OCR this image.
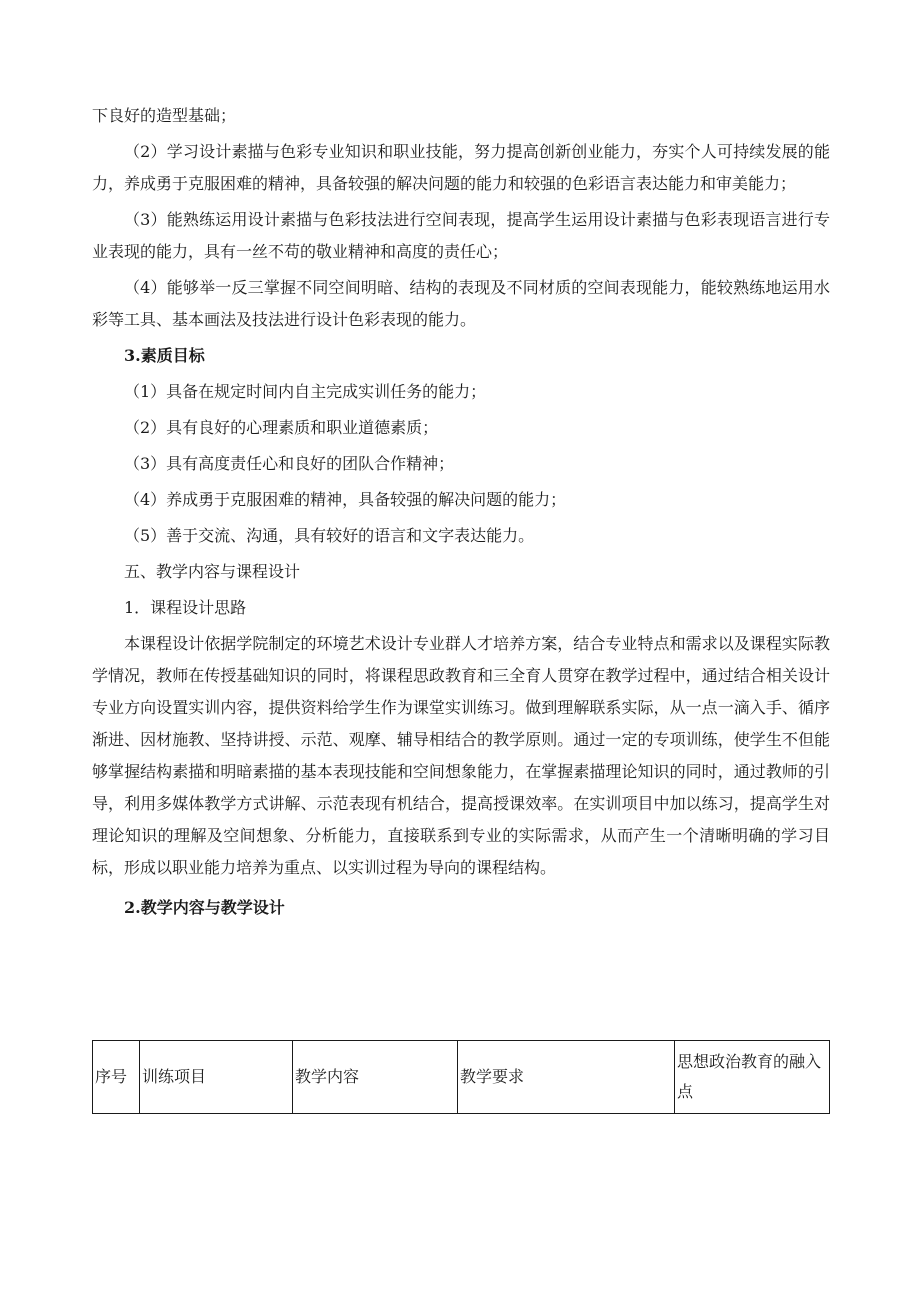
下良好的造型基础；

（2）学习设计素描与色彩专业知识和职业技能，努力提高创新创业能力，夯实个人可持续发展的能力，养成勇于克服困难的精神，具备较强的解决问题的能力和较强的色彩语言表达能力和审美能力；

（3）能熟练运用设计素描与色彩技法进行空间表现，提高学生运用设计素描与色彩表现语言进行专业表现的能力，具有一丝不苟的敬业精神和高度的责任心；

（4）能够举一反三掌握不同空间明暗、结构的表现及不同材质的空间表现能力，能较熟练地运用水彩等工具、基本画法及技法进行设计色彩表现的能力。

3.素质目标

（1）具备在规定时间内自主完成实训任务的能力；

（2）具有良好的心理素质和职业道德素质；

（3）具有高度责任心和良好的团队合作精神；

（4）养成勇于克服困难的精神，具备较强的解决问题的能力；

（5）善于交流、沟通，具有较好的语言和文字表达能力。

五、教学内容与课程设计

1．课程设计思路

本课程设计依据学院制定的环境艺术设计专业群人才培养方案，结合专业特点和需求以及课程实际教学情况，教师在传授基础知识的同时，将课程思政教育和三全育人贯穿在教学过程中，通过结合相关设计专业方向设置实训内容，提供资料给学生作为课堂实训练习。做到理解联系实际，从一点一滴入手、循序渐进、因材施教、坚持讲授、示范、观摩、辅导相结合的教学原则。通过一定的专项训练，使学生不但能够掌握结构素描和明暗素描的基本表现技能和空间想象能力，在掌握素描理论知识的同时，通过教师的引导，利用多媒体教学方式讲解、示范表现有机结合，提高授课效率。在实训项目中加以练习，提高学生对理论知识的理解及空间想象、分析能力，直接联系到专业的实际需求，从而产生一个清晰明确的学习目标，形成以职业能力培养为重点、以实训过程为导向的课程结构。

2.教学内容与教学设计

序号	训练项目	教学内容	教学要求	思想政治教育的融入点
